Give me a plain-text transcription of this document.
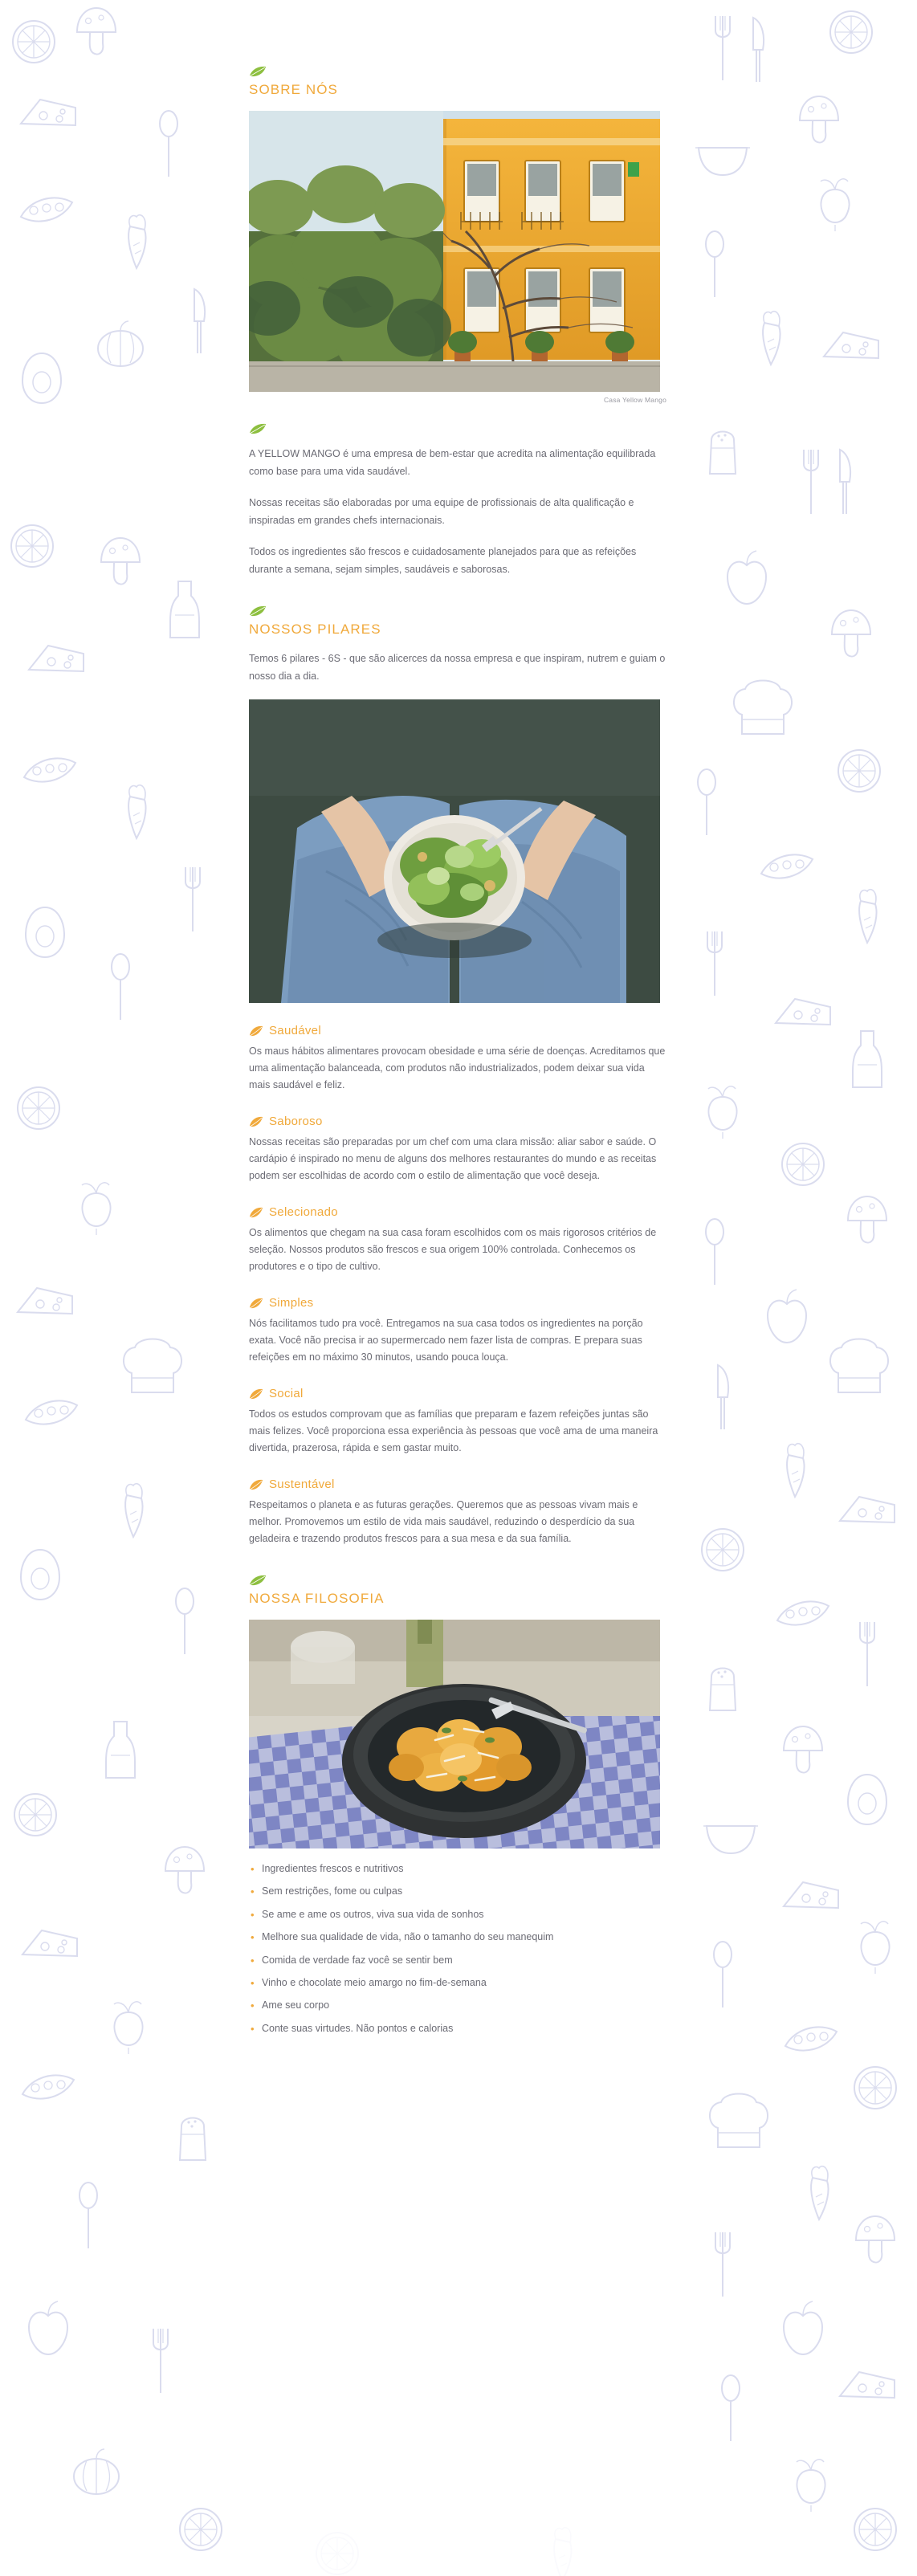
SOBRE NÓS
Casa Yellow Mango

A YELLOW MANGO é uma empresa de bem-estar que acredita na alimentação equilibrada como base para uma vida saudável.

Nossas receitas são elaboradas por uma equipe de profissionais de alta qualificação e inspiradas em grandes chefs internacionais.

Todos os ingredientes são frescos e cuidadosamente planejados para que as refeições durante a semana, sejam simples, saudáveis e saborosas.

NOSSOS PILARES

Temos 6 pilares - 6S - que são alicerces da nossa empresa e que inspiram, nutrem e guiam o nosso dia a dia.

Saudável

Os maus hábitos alimentares provocam obesidade e uma série de doenças. Acreditamos que uma alimentação balanceada, com produtos não industrializados, podem deixar sua vida mais saudável e feliz.

Saboroso

Nossas receitas são preparadas por um chef com uma clara missão: aliar sabor e saúde. O cardápio é inspirado no menu de alguns dos melhores restaurantes do mundo e as receitas podem ser escolhidas de acordo com o estilo de alimentação que você deseja.

Selecionado

Os alimentos que chegam na sua casa foram escolhidos com os mais rigorosos critérios de seleção. Nossos produtos são frescos e sua origem 100% controlada. Conhecemos os produtores e o tipo de cultivo.

Simples

Nós facilitamos tudo pra você. Entregamos na sua casa todos os ingredientes na porção exata. Você não precisa ir ao supermercado nem fazer lista de compras. E prepara suas refeições em no máximo 30 minutos, usando pouca louça.

Social

Todos os estudos comprovam que as famílias que preparam e fazem refeições juntas são mais felizes. Você proporciona essa experiência às pessoas que você ama de uma maneira divertida, prazerosa, rápida e sem gastar muito.

Sustentável

Respeitamos o planeta e as futuras gerações. Queremos que as pessoas vivam mais e melhor. Promovemos um estilo de vida mais saudável, reduzindo o desperdício da sua geladeira e trazendo produtos frescos para a sua mesa e da sua família.

NOSSA FILOSOFIA
• Ingredientes frescos e nutritivos
• Sem restrições, fome ou culpas
• Se ame e ame os outros, viva sua vida de sonhos
• Melhore sua qualidade de vida, não o tamanho do seu manequim
• Comida de verdade faz você se sentir bem
• Vinho e chocolate meio amargo no fim-de-semana
• Ame seu corpo
• Conte suas virtudes. Não pontos e calorias
